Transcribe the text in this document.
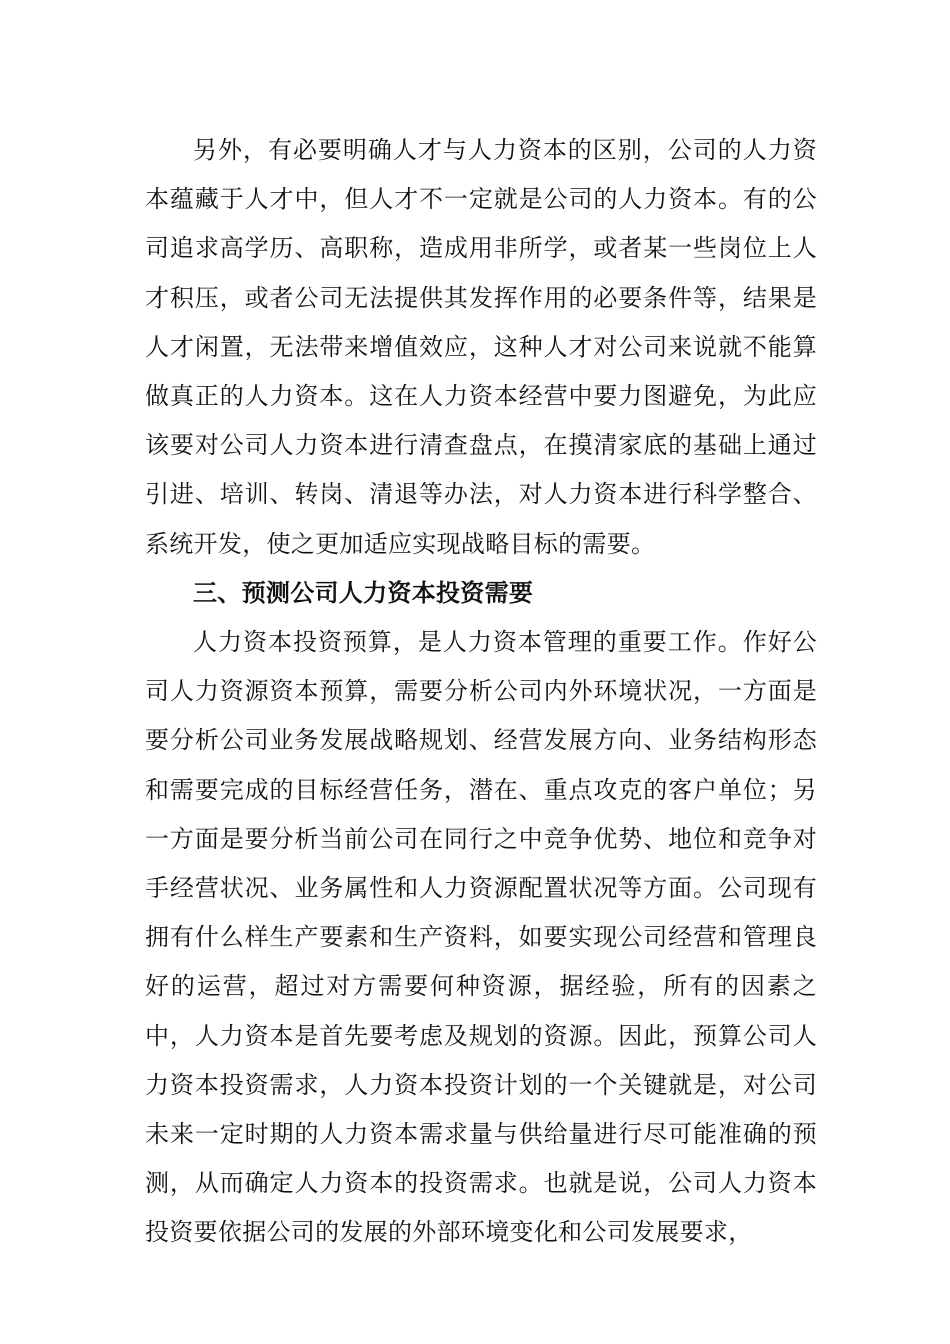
另外，有必要明确人才与人力资本的区别，公司的人力资本蕴藏于人才中，但人才不一定就是公司的人力资本。有的公司追求高学历、高职称，造成用非所学，或者某一些岗位上人才积压，或者公司无法提供其发挥作用的必要条件等，结果是人才闲置，无法带来增值效应，这种人才对公司来说就不能算做真正的人力资本。这在人力资本经营中要力图避免，为此应该要对公司人力资本进行清查盘点，在摸清家底的基础上通过引进、培训、转岗、清退等办法，对人力资本进行科学整合、系统开发，使之更加适应实现战略目标的需要。

三、预测公司人力资本投资需要

人力资本投资预算，是人力资本管理的重要工作。作好公司人力资源资本预算，需要分析公司内外环境状况，一方面是要分析公司业务发展战略规划、经营发展方向、业务结构形态和需要完成的目标经营任务，潜在、重点攻克的客户单位；另一方面是要分析当前公司在同行之中竞争优势、地位和竞争对手经营状况、业务属性和人力资源配置状况等方面。公司现有拥有什么样生产要素和生产资料，如要实现公司经营和管理良好的运营，超过对方需要何种资源，据经验，所有的因素之中，人力资本是首先要考虑及规划的资源。因此，预算公司人力资本投资需求，人力资本投资计划的一个关键就是，对公司未来一定时期的人力资本需求量与供给量进行尽可能准确的预测，从而确定人力资本的投资需求。也就是说，公司人力资本投资要依据公司的发展的外部环境变化和公司发展要求，
